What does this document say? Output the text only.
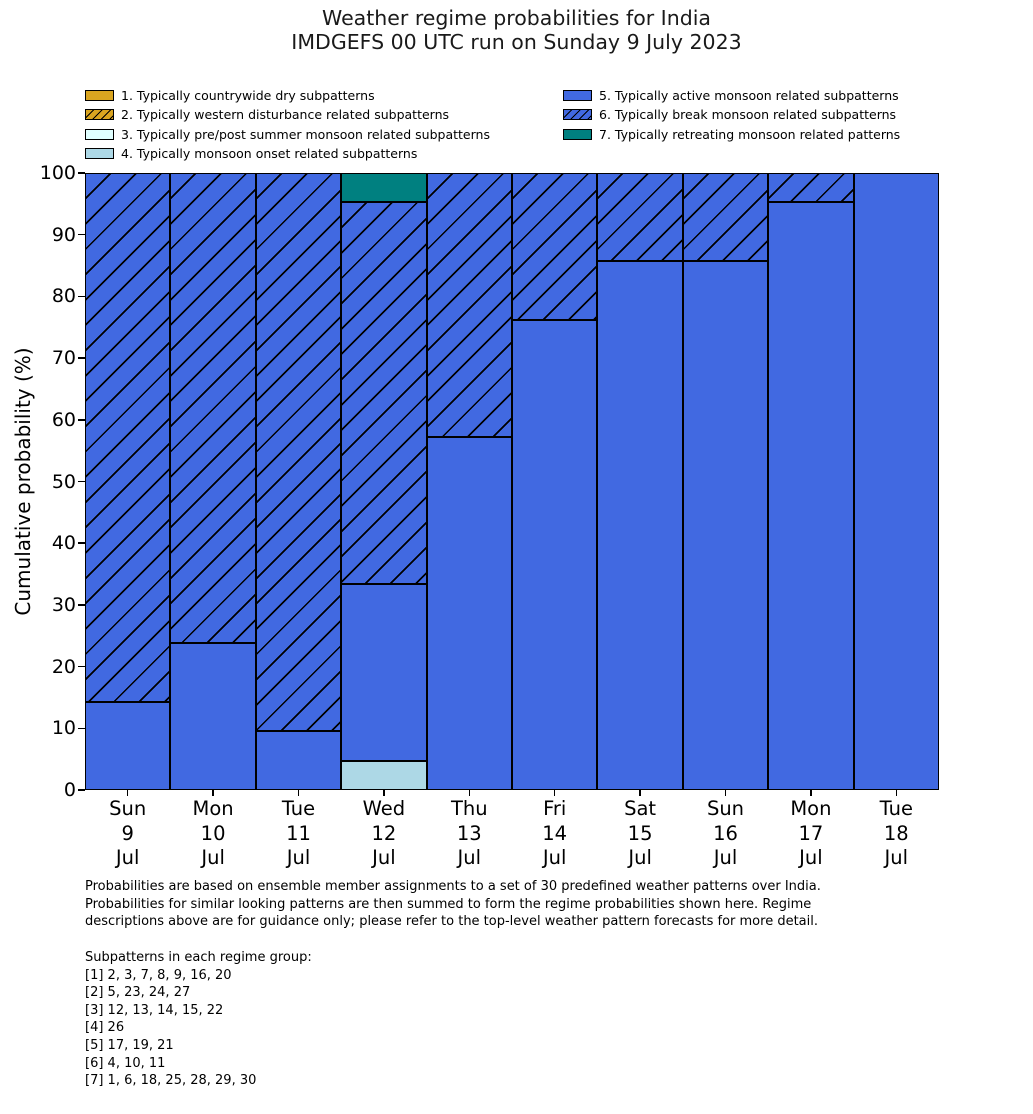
Weather regime probabilities for India
IMDGEFS 00 UTC run on Sunday 9 July 2023
1. Typically countrywide dry subpatterns
2. Typically western disturbance related subpatterns
3. Typically pre/post summer monsoon related subpatterns
4. Typically monsoon onset related subpatterns
5. Typically active monsoon related subpatterns
6. Typically break monsoon related subpatterns
7. Typically retreating monsoon related patterns
Cumulative probability (%)
0
10
20
30
40
50
60
70
80
90
100
Sun
9
Jul
Mon
10
Jul
Tue
11
Jul
Wed
12
Jul
Thu
13
Jul
Fri
14
Jul
Sat
15
Jul
Sun
16
Jul
Mon
17
Jul
Tue
18
Jul
Probabilities are based on ensemble member assignments to a set of 30 predefined weather patterns over India.
Probabilities for similar looking patterns are then summed to form the regime probabilities shown here. Regime
descriptions above are for guidance only; please refer to the top-level weather pattern forecasts for more detail.
Subpatterns in each regime group:
[1] 2, 3, 7, 8, 9, 16, 20
[2] 5, 23, 24, 27
[3] 12, 13, 14, 15, 22
[4] 26
[5] 17, 19, 21
[6] 4, 10, 11
[7] 1, 6, 18, 25, 28, 29, 30
